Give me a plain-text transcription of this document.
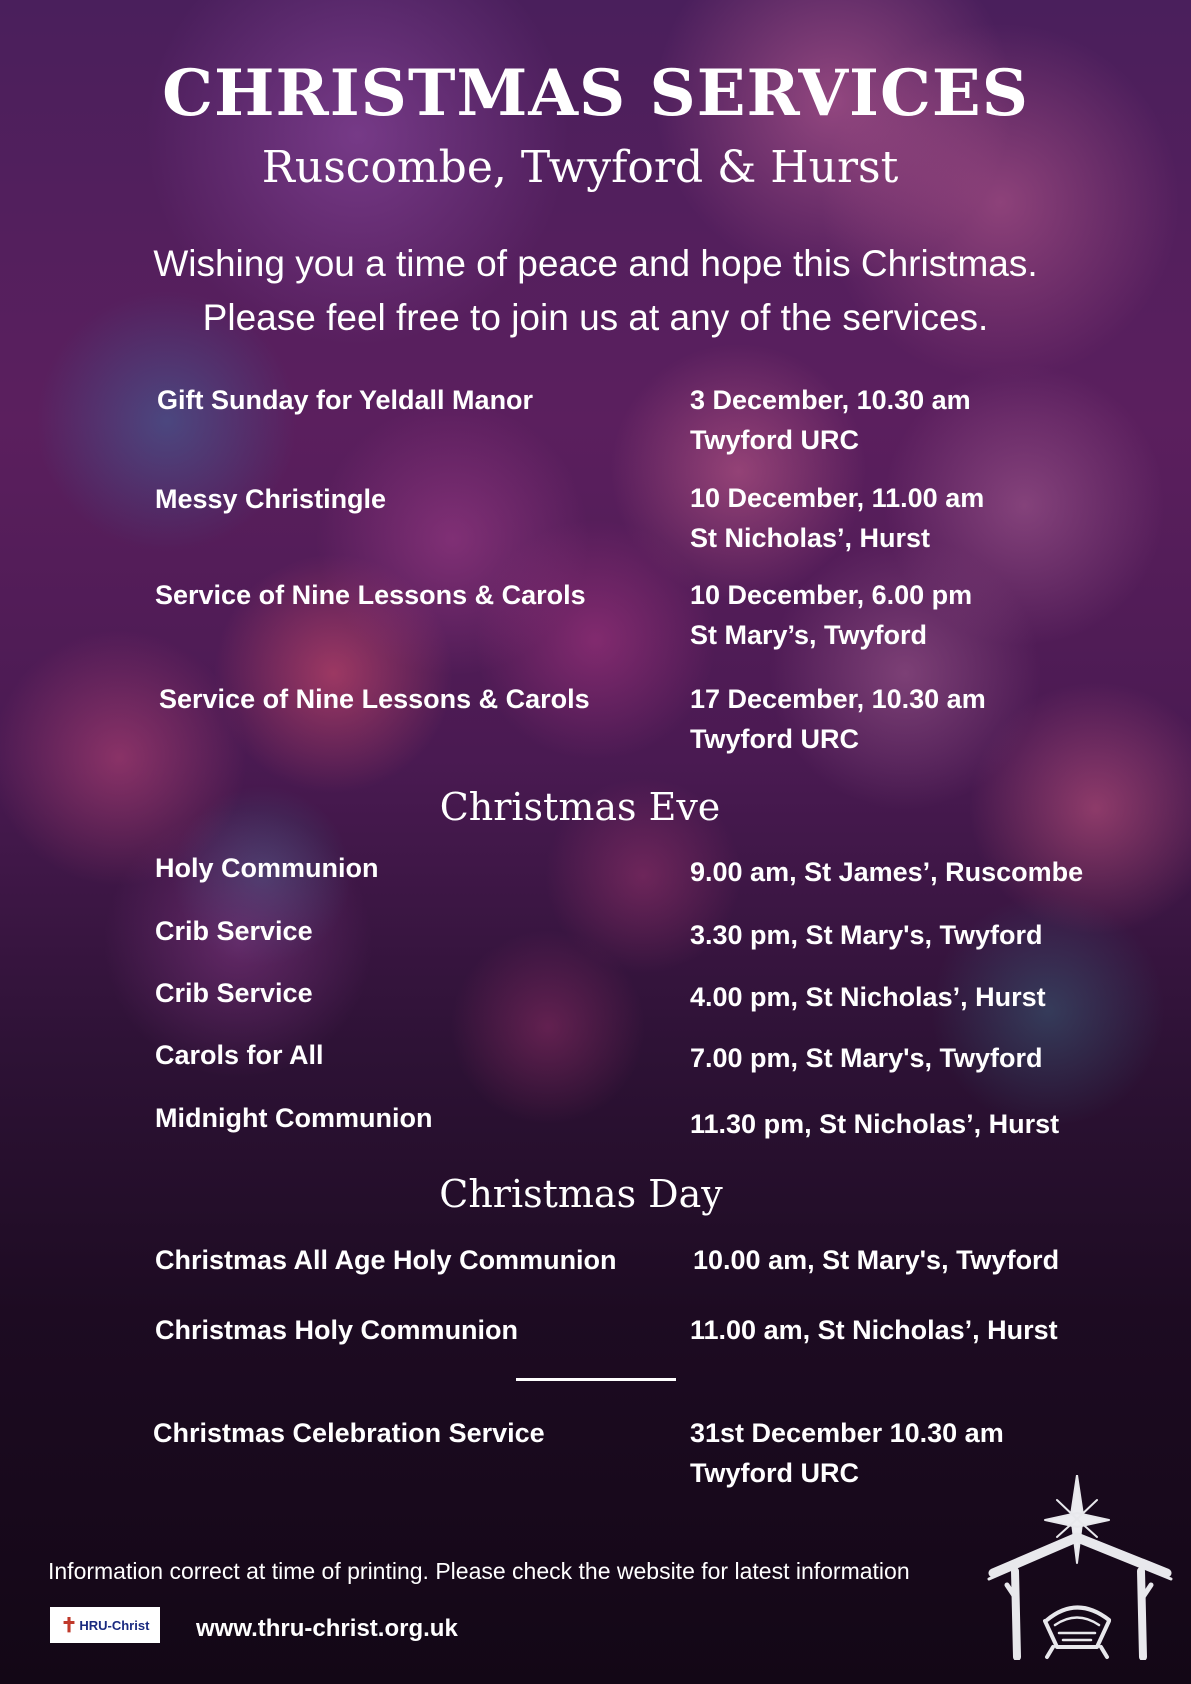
CHRISTMAS SERVICES
Ruscombe, Twyford & Hurst
Wishing you a time of peace and hope this Christmas.
Please feel free to join us at any of the services.
Gift Sunday for Yeldall Manor	3 December, 10.30 am
Twyford URC
Messy Christingle	10 December, 11.00 am
St Nicholas’, Hurst
Service of Nine Lessons & Carols	10 December, 6.00 pm
St Mary’s, Twyford
Service of Nine Lessons & Carols	17 December, 10.30 am
Twyford URC
Christmas Eve
Holy Communion	9.00 am, St James’, Ruscombe
Crib Service	3.30 pm, St Mary's, Twyford
Crib Service	4.00 pm, St Nicholas’, Hurst
Carols for All	7.00 pm, St Mary's, Twyford
Midnight Communion	11.30 pm, St Nicholas’, Hurst
Christmas Day
Christmas All Age Holy Communion	10.00 am, St Mary's, Twyford
Christmas Holy Communion	11.00 am, St Nicholas’, Hurst
Christmas Celebration Service	31st December 10.30 am
Twyford URC
Information correct at time of printing. Please check the website for latest information
✝ HRU-Christ www.thru-christ.org.uk
